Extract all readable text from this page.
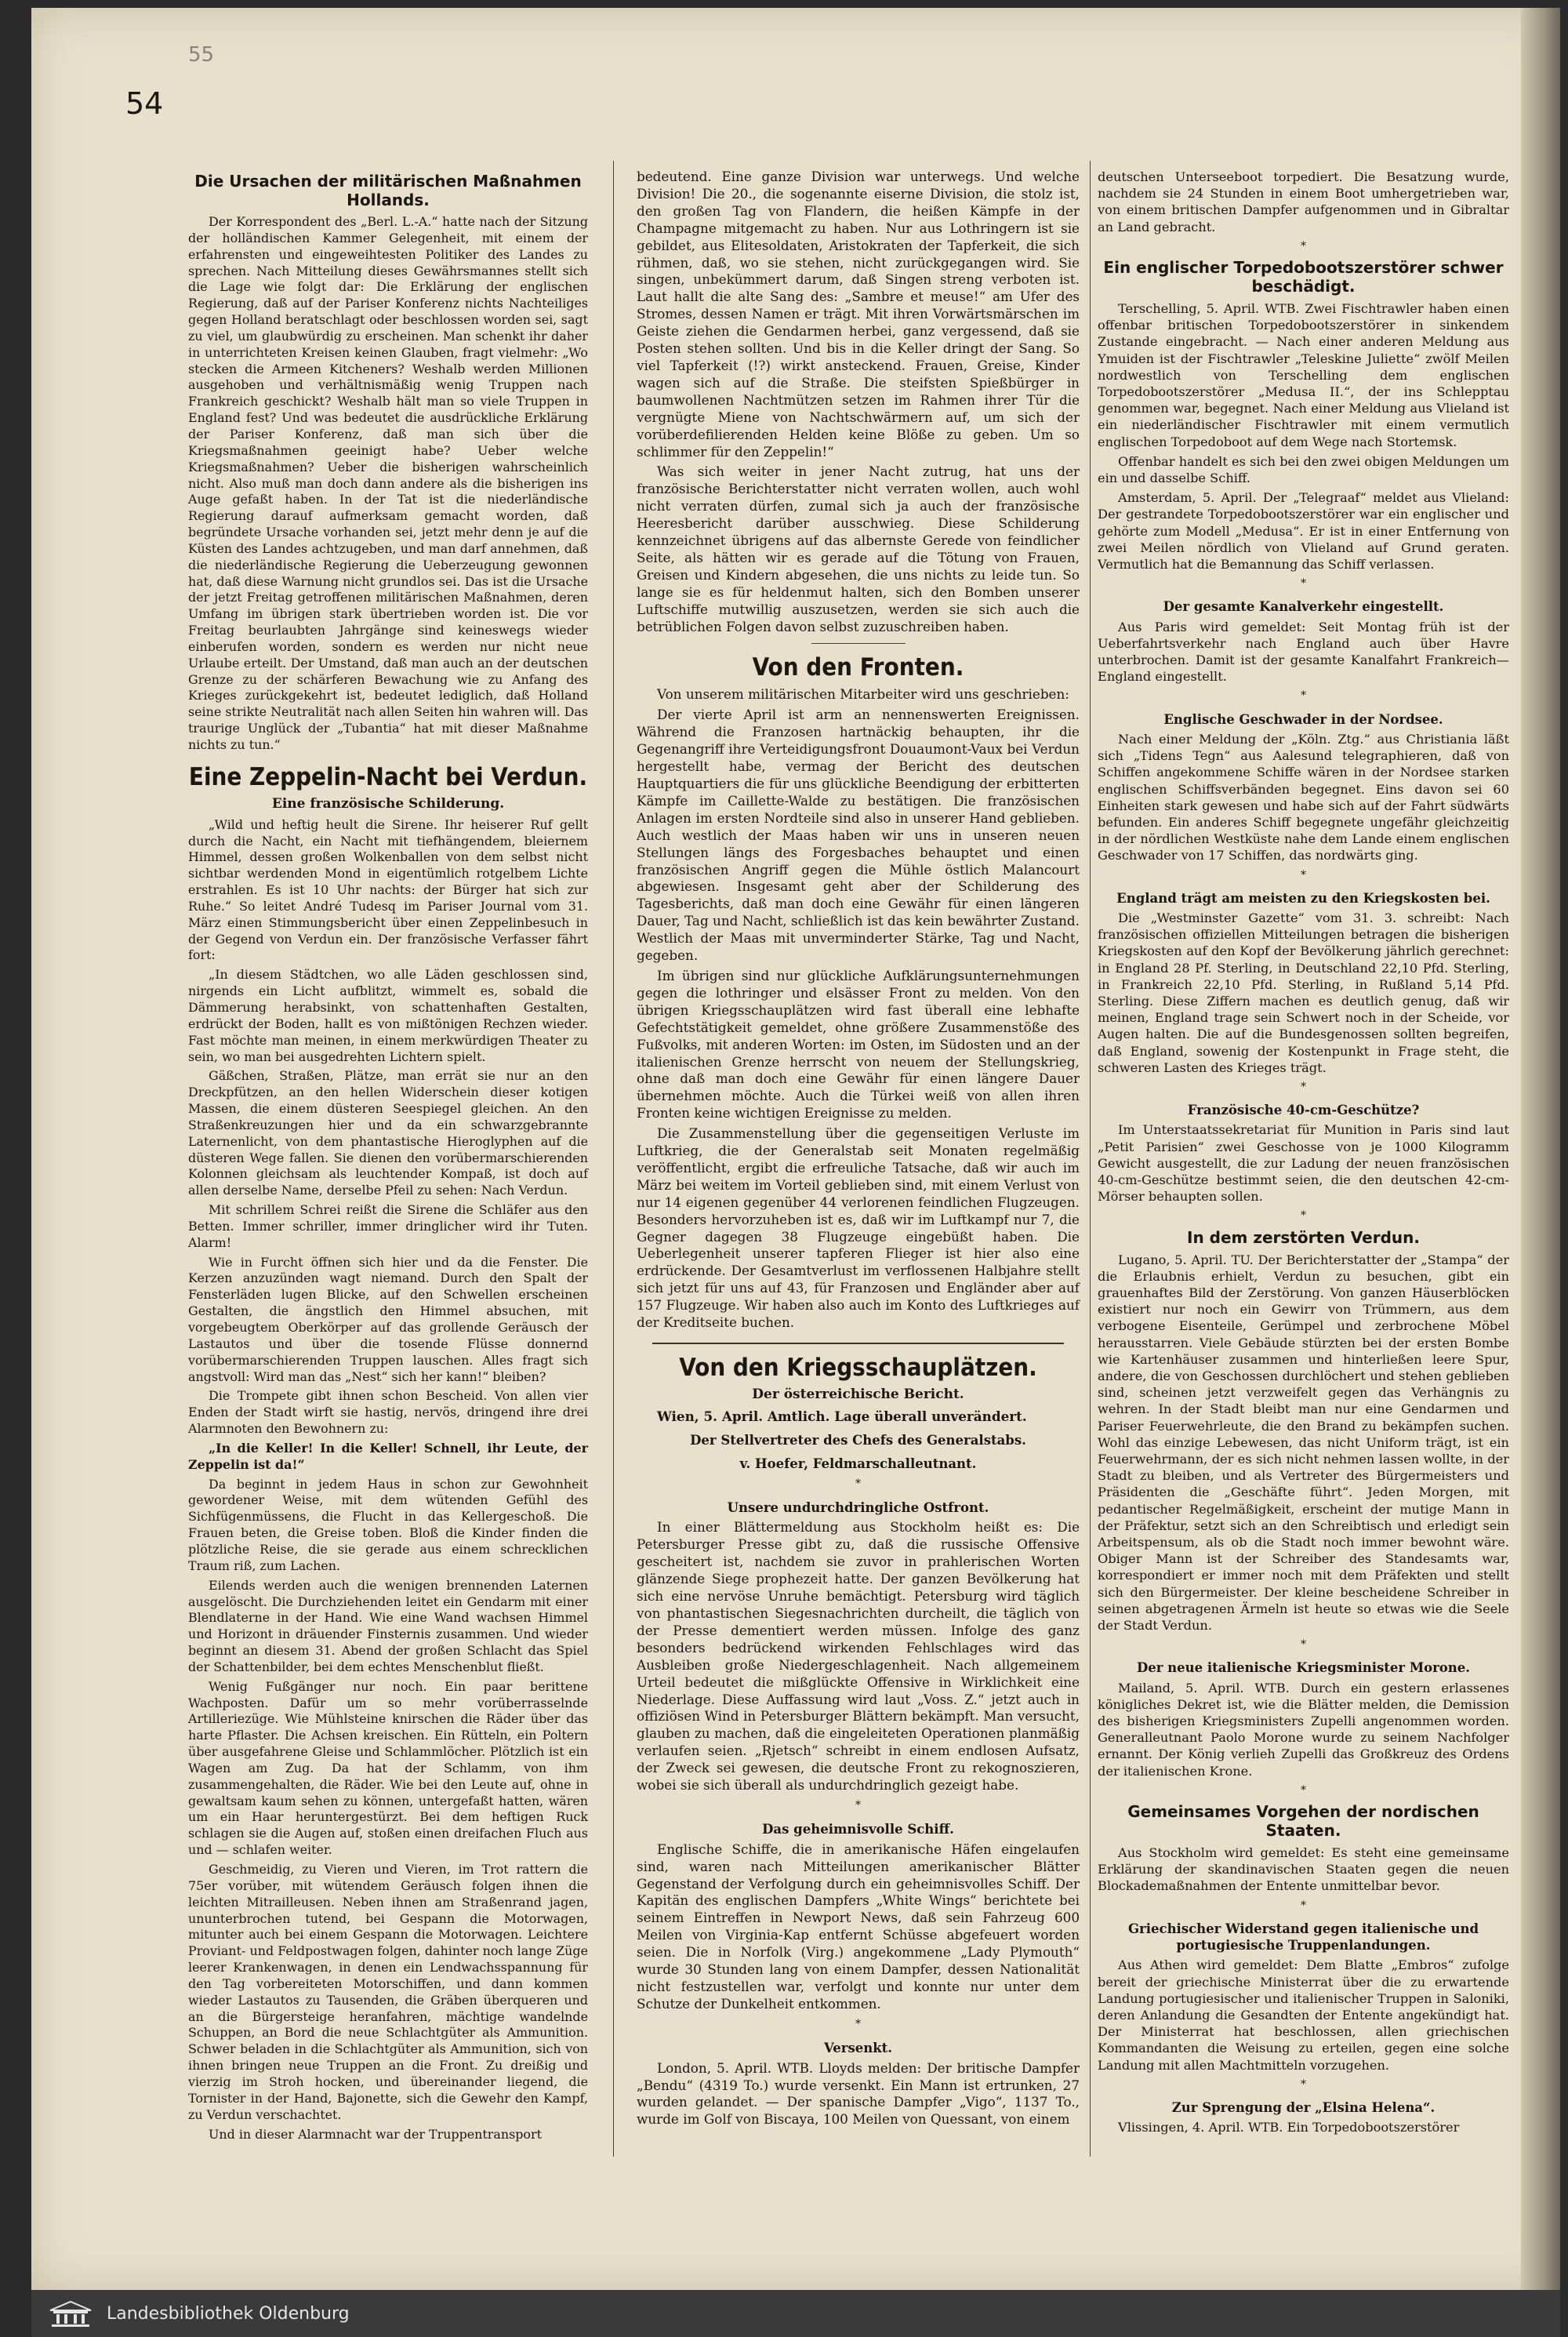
54
55
Die Ursachen der militärischen Maßnahmen Hollands.

Der Korrespondent des „Berl. L.-A.“ hatte nach der Sitzung der holländischen Kammer Gelegenheit, mit einem der erfahrensten und eingeweihtesten Politiker des Landes zu sprechen. Nach Mitteilung dieses Gewährsmannes stellt sich die Lage wie folgt dar: Die Erklärung der englischen Regierung, daß auf der Pariser Konferenz nichts Nachteiliges gegen Holland beratschlagt oder beschlossen worden sei, sagt zu viel, um glaubwürdig zu erscheinen. Man schenkt ihr daher in unterrichteten Kreisen keinen Glauben, fragt vielmehr: „Wo stecken die Armeen Kitcheners? Weshalb werden Millionen ausgehoben und verhältnismäßig wenig Truppen nach Frankreich geschickt? Weshalb hält man so viele Truppen in England fest? Und was bedeutet die ausdrückliche Erklärung der Pariser Konferenz, daß man sich über die Kriegsmaßnahmen geeinigt habe? Ueber welche Kriegsmaßnahmen? Ueber die bisherigen wahrscheinlich nicht. Also muß man doch dann andere als die bisherigen ins Auge gefaßt haben. In der Tat ist die niederländische Regierung darauf aufmerksam gemacht worden, daß begründete Ursache vorhanden sei, jetzt mehr denn je auf die Küsten des Landes achtzugeben, und man darf annehmen, daß die niederländische Regierung die Ueberzeugung gewonnen hat, daß diese Warnung nicht grundlos sei. Das ist die Ursache der jetzt Freitag getroffenen militärischen Maßnahmen, deren Umfang im übrigen stark übertrieben worden ist. Die vor Freitag beurlaubten Jahrgänge sind keineswegs wieder einberufen worden, sondern es werden nur nicht neue Urlaube erteilt. Der Umstand, daß man auch an der deutschen Grenze zu der schärferen Bewachung wie zu Anfang des Krieges zurückgekehrt ist, bedeutet lediglich, daß Holland seine strikte Neutralität nach allen Seiten hin wahren will. Das traurige Unglück der „Tubantia“ hat mit dieser Maßnahme nichts zu tun.“

Eine Zeppelin-Nacht bei Verdun.
Eine französische Schilderung.

„Wild und heftig heult die Sirene. Ihr heiserer Ruf gellt durch die Nacht, ein Nacht mit tiefhängendem, bleiernem Himmel, dessen großen Wolkenballen von dem selbst nicht sichtbar werdenden Mond in eigentümlich rotgelbem Lichte erstrahlen. Es ist 10 Uhr nachts: der Bürger hat sich zur Ruhe.“ So leitet André Tudesq im Pariser Journal vom 31. März einen Stimmungsbericht über einen Zeppelinbesuch in der Gegend von Verdun ein. Der französische Verfasser fährt fort:

„In diesem Städtchen, wo alle Läden geschlossen sind, nirgends ein Licht aufblitzt, wimmelt es, sobald die Dämmerung herabsinkt, von schattenhaften Gestalten, erdrückt der Boden, hallt es von mißtönigen Rechzen wieder. Fast möchte man meinen, in einem merkwürdigen Theater zu sein, wo man bei ausgedrehten Lichtern spielt.

Gäßchen, Straßen, Plätze, man errät sie nur an den Dreckpfützen, an den hellen Widerschein dieser kotigen Massen, die einem düsteren Seespiegel gleichen. An den Straßenkreuzungen hier und da ein schwarzgebrannte Laternenlicht, von dem phantastische Hieroglyphen auf die düsteren Wege fallen. Sie dienen den vorübermarschierenden Kolonnen gleichsam als leuchtender Kompaß, ist doch auf allen derselbe Name, derselbe Pfeil zu sehen: Nach Verdun.

Mit schrillem Schrei reißt die Sirene die Schläfer aus den Betten. Immer schriller, immer dringlicher wird ihr Tuten. Alarm!

Wie in Furcht öffnen sich hier und da die Fenster. Die Kerzen anzuzünden wagt niemand. Durch den Spalt der Fensterläden lugen Blicke, auf den Schwellen erscheinen Gestalten, die ängstlich den Himmel absuchen, mit vorgebeugtem Oberkörper auf das grollende Geräusch der Lastautos und über die tosende Flüsse donnernd vorübermarschierenden Truppen lauschen. Alles fragt sich angstvoll: Wird man das „Nest“ sich her kann!“ bleiben?

Die Trompete gibt ihnen schon Bescheid. Von allen vier Enden der Stadt wirft sie hastig, nervös, dringend ihre drei Alarmnoten den Bewohnern zu:

„In die Keller! In die Keller! Schnell, ihr Leute, der Zeppelin ist da!“

Da beginnt in jedem Haus in schon zur Gewohnheit gewordener Weise, mit dem wütenden Gefühl des Sichfügenmüssens, die Flucht in das Kellergeschoß. Die Frauen beten, die Greise toben. Bloß die Kinder finden die plötzliche Reise, die sie gerade aus einem schrecklichen Traum riß, zum Lachen.

Eilends werden auch die wenigen brennenden Laternen ausgelöscht. Die Durchziehenden leitet ein Gendarm mit einer Blendlaterne in der Hand. Wie eine Wand wachsen Himmel und Horizont in dräuender Finsternis zusammen. Und wieder beginnt an diesem 31. Abend der großen Schlacht das Spiel der Schattenbilder, bei dem echtes Menschenblut fließt.

Wenig Fußgänger nur noch. Ein paar berittene Wachposten. Dafür um so mehr vorüberrasselnde Artilleriezüge. Wie Mühlsteine knirschen die Räder über das harte Pflaster. Die Achsen kreischen. Ein Rütteln, ein Poltern über ausgefahrene Gleise und Schlammlöcher. Plötzlich ist ein Wagen am Zug. Da hat der Schlamm, von ihm zusammengehalten, die Räder. Wie bei den Leute auf, ohne in gewaltsam kaum sehen zu können, untergefaßt hatten, wären um ein Haar heruntergestürzt. Bei dem heftigen Ruck schlagen sie die Augen auf, stoßen einen dreifachen Fluch aus und — schlafen weiter.

Geschmeidig, zu Vieren und Vieren, im Trot rattern die 75er vorüber, mit wütendem Geräusch folgen ihnen die leichten Mitrailleusen. Neben ihnen am Straßenrand jagen, ununterbrochen tutend, bei Gespann die Motorwagen, mitunter auch bei einem Gespann die Motorwagen. Leichtere Proviant- und Feldpostwagen folgen, dahinter noch lange Züge leerer Krankenwagen, in denen ein Lendwachsspannung für den Tag vorbereiteten Motorschiffen, und dann kommen wieder Lastautos zu Tausenden, die Gräben überqueren und an die Bürgersteige heranfahren, mächtige wandelnde Schuppen, an Bord die neue Schlachtgüter als Ammunition. Schwer beladen in die Schlachtgüter als Ammunition, sich von ihnen bringen neue Truppen an die Front. Zu dreißig und vierzig im Stroh hocken, und übereinander liegend, die Tornister in der Hand, Bajonette, sich die Gewehr den Kampf, zu Verdun verschachtet.

Und in dieser Alarmnacht war der Truppentransport

bedeutend. Eine ganze Division war unterwegs. Und welche Division! Die 20., die sogenannte eiserne Division, die stolz ist, den großen Tag von Flandern, die heißen Kämpfe in der Champagne mitgemacht zu haben. Nur aus Lothringern ist sie gebildet, aus Elitesoldaten, Aristokraten der Tapferkeit, die sich rühmen, daß, wo sie stehen, nicht zurückgegangen wird. Sie singen, unbekümmert darum, daß Singen streng verboten ist. Laut hallt die alte Sang des: „Sambre et meuse!“ am Ufer des Stromes, dessen Namen er trägt. Mit ihren Vorwärtsmärschen im Geiste ziehen die Gendarmen herbei, ganz vergessend, daß sie Posten stehen sollten. Und bis in die Keller dringt der Sang. So viel Tapferkeit (!?) wirkt ansteckend. Frauen, Greise, Kinder wagen sich auf die Straße. Die steifsten Spießbürger in baumwollenen Nachtmützen setzen im Rahmen ihrer Tür die vergnügte Miene von Nachtschwärmern auf, um sich der vorüberdefilierenden Helden keine Blöße zu geben. Um so schlimmer für den Zeppelin!“

Was sich weiter in jener Nacht zutrug, hat uns der französische Berichterstatter nicht verraten wollen, auch wohl nicht verraten dürfen, zumal sich ja auch der französische Heeresbericht darüber ausschwieg. Diese Schilderung kennzeichnet übrigens auf das albernste Gerede von feindlicher Seite, als hätten wir es gerade auf die Tötung von Frauen, Greisen und Kindern abgesehen, die uns nichts zu leide tun. So lange sie es für heldenmut halten, sich den Bomben unserer Luftschiffe mutwillig auszusetzen, werden sie sich auch die betrüblichen Folgen davon selbst zuzuschreiben haben.

Von den Fronten.

Von unserem militärischen Mitarbeiter wird uns geschrieben:

Der vierte April ist arm an nennenswerten Ereignissen. Während die Franzosen hartnäckig behaupten, ihr die Gegenangriff ihre Verteidigungsfront Douaumont-Vaux bei Verdun hergestellt habe, vermag der Bericht des deutschen Hauptquartiers die für uns glückliche Beendigung der erbitterten Kämpfe im Caillette-Walde zu bestätigen. Die französischen Anlagen im ersten Nordteile sind also in unserer Hand geblieben. Auch westlich der Maas haben wir uns in unseren neuen Stellungen längs des Forgesbaches behauptet und einen französischen Angriff gegen die Mühle östlich Malancourt abgewiesen. Insgesamt geht aber der Schilderung des Tagesberichts, daß man doch eine Gewähr für einen längeren Dauer, Tag und Nacht, schließlich ist das kein bewährter Zustand. Westlich der Maas mit unverminderter Stärke, Tag und Nacht, gegeben.

Im übrigen sind nur glückliche Aufklärungsunternehmungen gegen die lothringer und elsässer Front zu melden. Von den übrigen Kriegsschauplätzen wird fast überall eine lebhafte Gefechtstätigkeit gemeldet, ohne größere Zusammenstöße des Fußvolks, mit anderen Worten: im Osten, im Südosten und an der italienischen Grenze herrscht von neuem der Stellungskrieg, ohne daß man doch eine Gewähr für einen längere Dauer übernehmen möchte. Auch die Türkei weiß von allen ihren Fronten keine wichtigen Ereignisse zu melden.

Die Zusammenstellung über die gegenseitigen Verluste im Luftkrieg, die der Generalstab seit Monaten regelmäßig veröffentlicht, ergibt die erfreuliche Tatsache, daß wir auch im März bei weitem im Vorteil geblieben sind, mit einem Verlust von nur 14 eigenen gegenüber 44 verlorenen feindlichen Flugzeugen. Besonders hervorzuheben ist es, daß wir im Luftkampf nur 7, die Gegner dagegen 38 Flugzeuge eingebüßt haben. Die Ueberlegenheit unserer tapferen Flieger ist hier also eine erdrückende. Der Gesamtverlust im verflossenen Halbjahre stellt sich jetzt für uns auf 43, für Franzosen und Engländer aber auf 157 Flugzeuge. Wir haben also auch im Konto des Luftkrieges auf der Kreditseite buchen.

Von den Kriegsschauplätzen.
Der österreichische Bericht.

Wien, 5. April. Amtlich. Lage überall unverändert.

Der Stellvertreter des Chefs des Generalstabs.
v. Hoefer, Feldmarschalleutnant.
*
Unsere undurchdringliche Ostfront.

In einer Blättermeldung aus Stockholm heißt es: Die Petersburger Presse gibt zu, daß die russische Offensive gescheitert ist, nachdem sie zuvor in prahlerischen Worten glänzende Siege prophezeit hatte. Der ganzen Bevölkerung hat sich eine nervöse Unruhe bemächtigt. Petersburg wird täglich von phantastischen Siegesnachrichten durcheilt, die täglich von der Presse dementiert werden müssen. Infolge des ganz besonders bedrückend wirkenden Fehlschlages wird das Ausbleiben große Niedergeschlagenheit. Nach allgemeinem Urteil bedeutet die mißglückte Offensive in Wirklichkeit eine Niederlage. Diese Auffassung wird laut „Voss. Z.“ jetzt auch in offiziösen Wind in Petersburger Blättern bekämpft. Man versucht, glauben zu machen, daß die eingeleiteten Operationen planmäßig verlaufen seien. „Rjetsch“ schreibt in einem endlosen Aufsatz, der Zweck sei gewesen, die deutsche Front zu rekognoszieren, wobei sie sich überall als undurchdringlich gezeigt habe.

*
Das geheimnisvolle Schiff.

Englische Schiffe, die in amerikanische Häfen eingelaufen sind, waren nach Mitteilungen amerikanischer Blätter Gegenstand der Verfolgung durch ein geheimnisvolles Schiff. Der Kapitän des englischen Dampfers „White Wings“ berichtete bei seinem Eintreffen in Newport News, daß sein Fahrzeug 600 Meilen von Virginia-Kap entfernt Schüsse abgefeuert worden seien. Die in Norfolk (Virg.) angekommene „Lady Plymouth“ wurde 30 Stunden lang von einem Dampfer, dessen Nationalität nicht festzustellen war, verfolgt und konnte nur unter dem Schutze der Dunkelheit entkommen.

*
Versenkt.

London, 5. April. WTB. Lloyds melden: Der britische Dampfer „Bendu“ (4319 To.) wurde versenkt. Ein Mann ist ertrunken, 27 wurden gelandet. — Der spanische Dampfer „Vigo“, 1137 To., wurde im Golf von Biscaya, 100 Meilen von Quessant, von einem

deutschen Unterseeboot torpediert. Die Besatzung wurde, nachdem sie 24 Stunden in einem Boot umhergetrieben war, von einem britischen Dampfer aufgenommen und in Gibraltar an Land gebracht.

*
Ein englischer Torpedobootszerstörer schwer beschädigt.

Terschelling, 5. April. WTB. Zwei Fischtrawler haben einen offenbar britischen Torpedobootszerstörer in sinkendem Zustande eingebracht. — Nach einer anderen Meldung aus Ymuiden ist der Fischtrawler „Teleskine Juliette“ zwölf Meilen nordwestlich von Terschelling dem englischen Torpedobootszerstörer „Medusa II.“, der ins Schlepptau genommen war, begegnet. Nach einer Meldung aus Vlieland ist ein niederländischer Fischtrawler mit einem vermutlich englischen Torpedoboot auf dem Wege nach Stortemsk.

Offenbar handelt es sich bei den zwei obigen Meldungen um ein und dasselbe Schiff.

Amsterdam, 5. April. Der „Telegraaf“ meldet aus Vlieland: Der gestrandete Torpedobootszerstörer war ein englischer und gehörte zum Modell „Medusa“. Er ist in einer Entfernung von zwei Meilen nördlich von Vlieland auf Grund geraten. Vermutlich hat die Bemannung das Schiff verlassen.

*
Der gesamte Kanalverkehr eingestellt.

Aus Paris wird gemeldet: Seit Montag früh ist der Ueberfahrtsverkehr nach England auch über Havre unterbrochen. Damit ist der gesamte Kanalfahrt Frankreich—England eingestellt.

*
Englische Geschwader in der Nordsee.

Nach einer Meldung der „Köln. Ztg.“ aus Christiania läßt sich „Tidens Tegn“ aus Aalesund telegraphieren, daß von Schiffen angekommene Schiffe wären in der Nordsee starken englischen Schiffsverbänden begegnet. Eins davon sei 60 Einheiten stark gewesen und habe sich auf der Fahrt südwärts befunden. Ein anderes Schiff begegnete ungefähr gleichzeitig in der nördlichen Westküste nahe dem Lande einem englischen Geschwader von 17 Schiffen, das nordwärts ging.

*
England trägt am meisten zu den Kriegskosten bei.

Die „Westminster Gazette“ vom 31. 3. schreibt: Nach französischen offiziellen Mitteilungen betragen die bisherigen Kriegskosten auf den Kopf der Bevölkerung jährlich gerechnet: in England 28 Pf. Sterling, in Deutschland 22,10 Pfd. Sterling, in Frankreich 22,10 Pfd. Sterling, in Rußland 5,14 Pfd. Sterling. Diese Ziffern machen es deutlich genug, daß wir meinen, England trage sein Schwert noch in der Scheide, vor Augen halten. Die auf die Bundesgenossen sollten begreifen, daß England, sowenig der Kostenpunkt in Frage steht, die schweren Lasten des Krieges trägt.

*
Französische 40-cm-Geschütze?

Im Unterstaatssekretariat für Munition in Paris sind laut „Petit Parisien“ zwei Geschosse von je 1000 Kilogramm Gewicht ausgestellt, die zur Ladung der neuen französischen 40-cm-Geschütze bestimmt seien, die den deutschen 42-cm-Mörser behaupten sollen.

*
In dem zerstörten Verdun.

Lugano, 5. April. TU. Der Berichterstatter der „Stampa“ der die Erlaubnis erhielt, Verdun zu besuchen, gibt ein grauenhaftes Bild der Zerstörung. Von ganzen Häuserblöcken existiert nur noch ein Gewirr von Trümmern, aus dem verbogene Eisenteile, Gerümpel und zerbrochene Möbel herausstarren. Viele Gebäude stürzten bei der ersten Bombe wie Kartenhäuser zusammen und hinterließen leere Spur, andere, die von Geschossen durchlöchert und stehen geblieben sind, scheinen jetzt verzweifelt gegen das Verhängnis zu wehren. In der Stadt bleibt man nur eine Gendarmen und Pariser Feuerwehrleute, die den Brand zu bekämpfen suchen. Wohl das einzige Lebewesen, das nicht Uniform trägt, ist ein Feuerwehrmann, der es sich nicht nehmen lassen wollte, in der Stadt zu bleiben, und als Vertreter des Bürgermeisters und Präsidenten die „Geschäfte führt“. Jeden Morgen, mit pedantischer Regelmäßigkeit, erscheint der mutige Mann in der Präfektur, setzt sich an den Schreibtisch und erledigt sein Arbeitspensum, als ob die Stadt noch immer bewohnt wäre. Obiger Mann ist der Schreiber des Standesamts war, korrespondiert er immer noch mit dem Präfekten und stellt sich den Bürgermeister. Der kleine bescheidene Schreiber in seinen abgetragenen Ärmeln ist heute so etwas wie die Seele der Stadt Verdun.

*
Der neue italienische Kriegsminister Morone.

Mailand, 5. April. WTB. Durch ein gestern erlassenes königliches Dekret ist, wie die Blätter melden, die Demission des bisherigen Kriegsministers Zupelli angenommen worden. Generalleutnant Paolo Morone wurde zu seinem Nachfolger ernannt. Der König verlieh Zupelli das Großkreuz des Ordens der italienischen Krone.

*
Gemeinsames Vorgehen der nordischen Staaten.

Aus Stockholm wird gemeldet: Es steht eine gemeinsame Erklärung der skandinavischen Staaten gegen die neuen Blockademaßnahmen der Entente unmittelbar bevor.

*
Griechischer Widerstand gegen italienische und portugiesische Truppenlandungen.

Aus Athen wird gemeldet: Dem Blatte „Embros“ zufolge bereit der griechische Ministerrat über die zu erwartende Landung portugiesischer und italienischer Truppen in Saloniki, deren Anlandung die Gesandten der Entente angekündigt hat. Der Ministerrat hat beschlossen, allen griechischen Kommandanten die Weisung zu erteilen, gegen eine solche Landung mit allen Machtmitteln vorzugehen.

*
Zur Sprengung der „Elsina Helena“.

Vlissingen, 4. April. WTB. Ein Torpedobootszerstörer

Landesbibliothek Oldenburg
